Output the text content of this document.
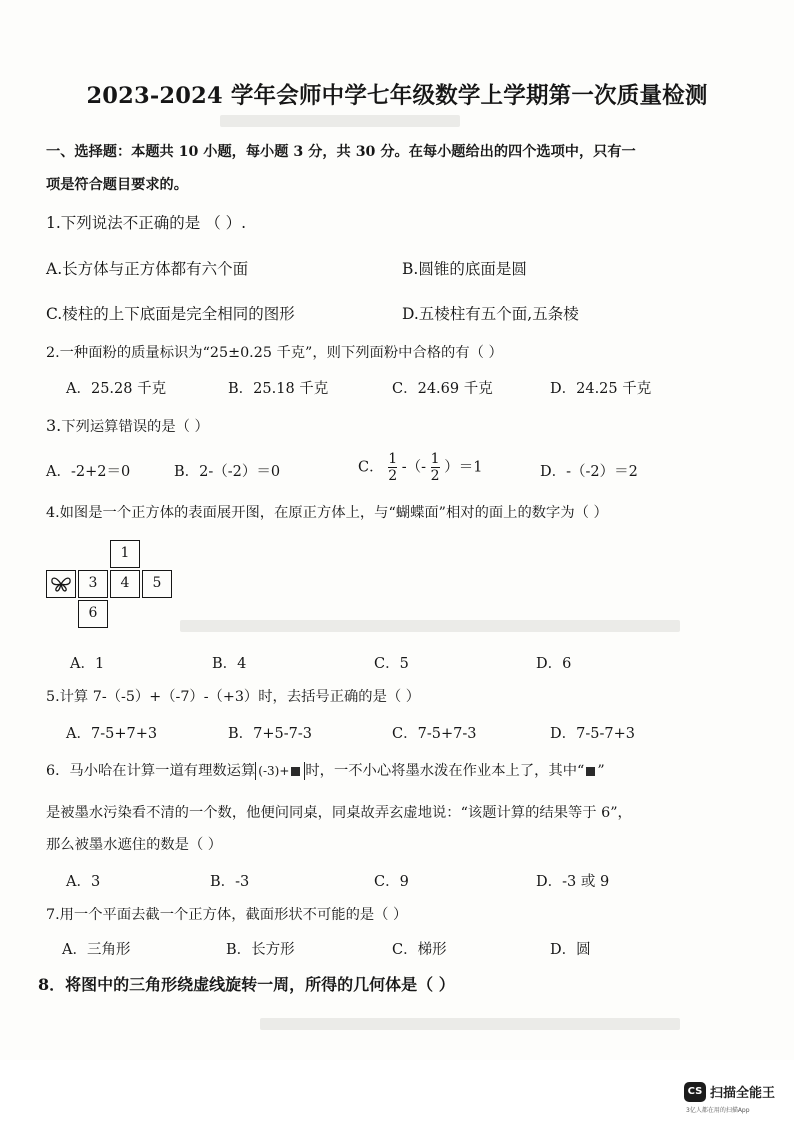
2023-2024 学年会师中学七年级数学上学期第一次质量检测
一、选择题：本题共 10 小题，每小题 3 分，共 30 分。在每小题给出的四个选项中，只有一
项是符合题目要求的。
1.下列说法不正确的是 （ ）.
A.长方体与正方体都有六个面	B.圆锥的底面是圆
C.棱柱的上下底面是完全相同的图形	D.五棱柱有五个面,五条棱
2.一种面粉的质量标识为“25±0.25 千克”，则下列面粉中合格的有（ ）
A．25.28 千克	B．25.18 千克	C．24.69 千克	D．24.25 千克
3.下列运算错误的是（ ）
A．-2+2＝0	B．2-（-2）＝0	C． $\frac{1}{2}$ -（- $\frac{1}{2} )=1$	D．-（-2）＝2
4.如图是一个正方体的表面展开图，在原正方体上，与“蝴蝶面”相对的面上的数字为（ ）
1
3	4	5
6
A．1	B．4	C．5	D．6
5.计算 7-（-5）+（-7）-（+3）时，去括号正确的是（ ）
A．7-5+7+3	B．7+5-7-3	C．7-5+7-3	D．7-5-7+3
6．马小哈在计算一道有理数运算 (-3)+ 时，一不小心将墨水泼在作业本上了，其中“ ”
是被墨水污染看不清的一个数，他便问同桌，同桌故弄玄虚地说：“该题计算的结果等于 6”，
那么被墨水遮住的数是（ ）
A．3	B．-3	C．9	D．-3 或 9
7.用一个平面去截一个正方体，截面形状不可能的是（ ）
A．三角形	B．长方形	C．梯形	D．圆
8．将图中的三角形绕虚线旋转一周，所得的几何体是（ ）
CS 扫描全能王
3亿人都在用的扫描App
